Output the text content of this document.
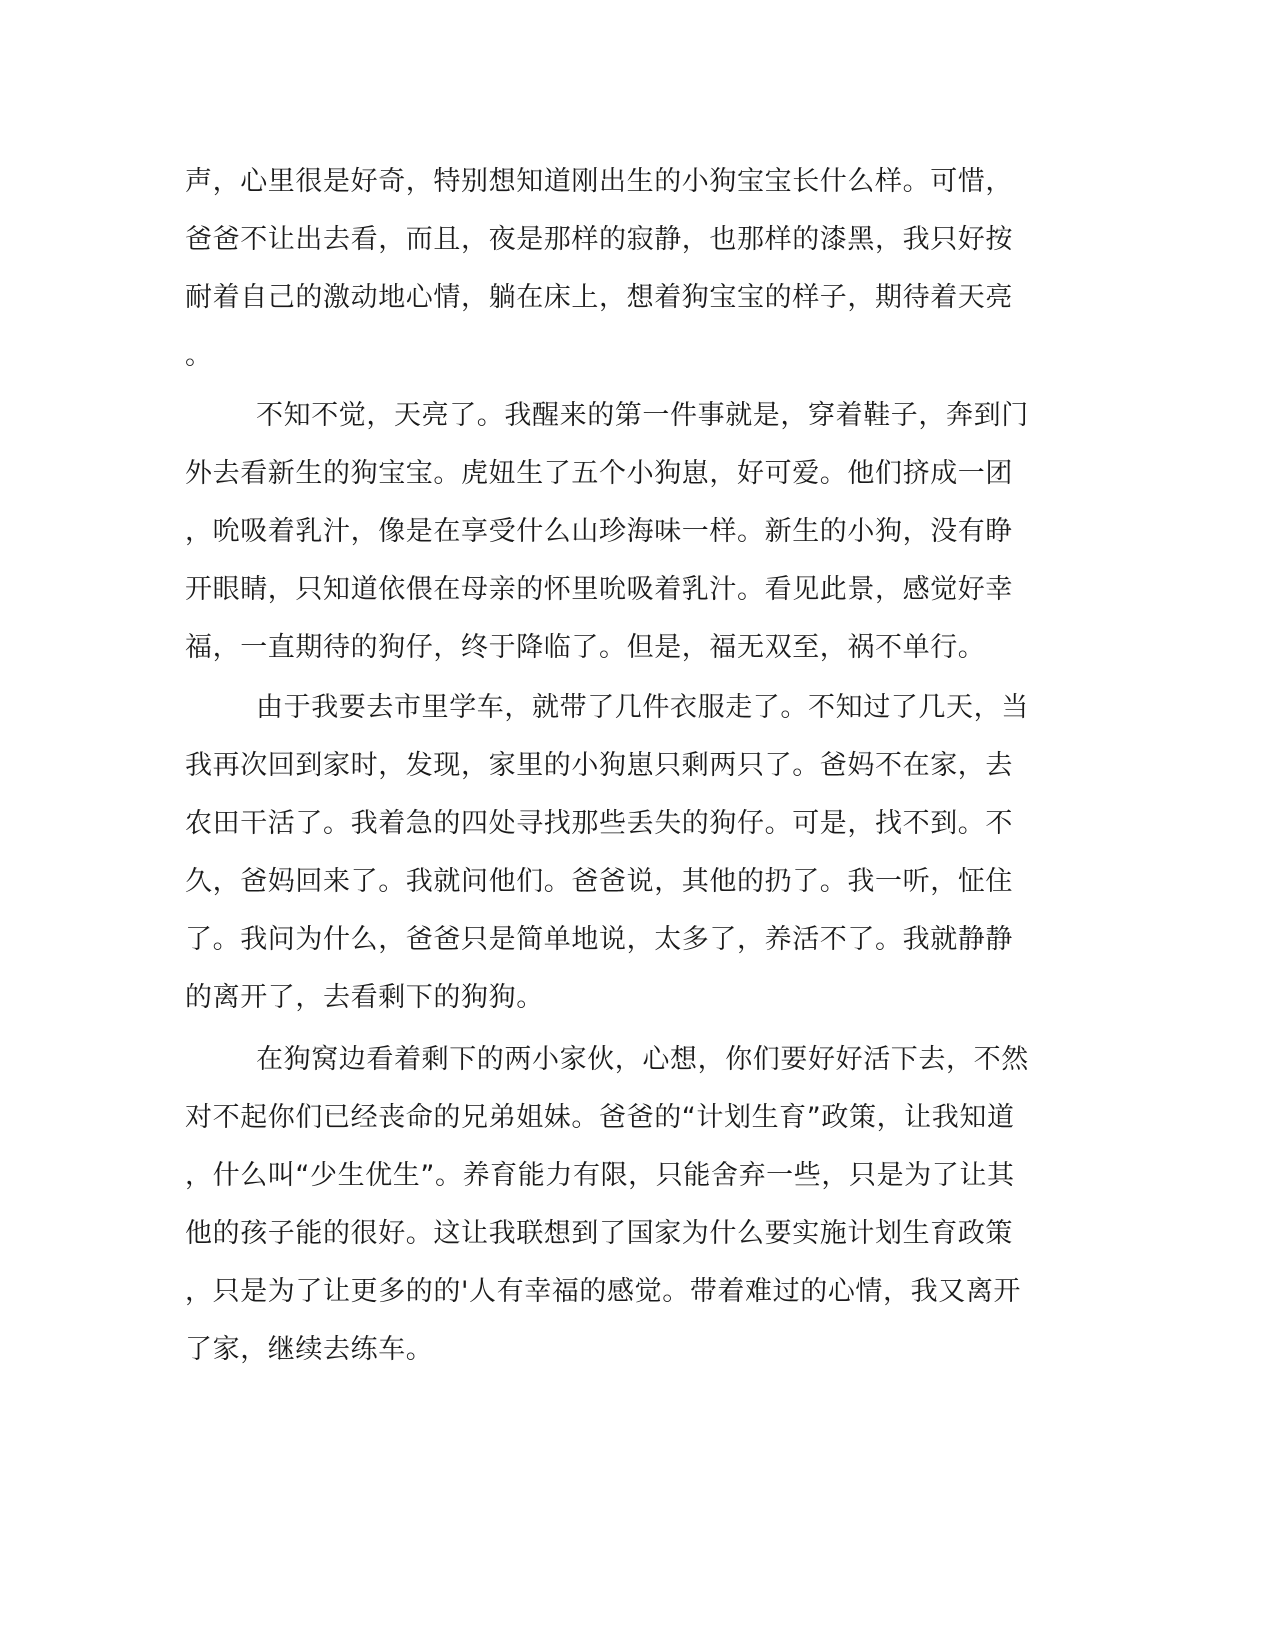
声，心里很是好奇，特别想知道刚出生的小狗宝宝长什么样。可惜，
爸爸不让出去看，而且，夜是那样的寂静，也那样的漆黑，我只好按
耐着自己的激动地心情，躺在床上，想着狗宝宝的样子，期待着天亮
。
不知不觉，天亮了。我醒来的第一件事就是，穿着鞋子，奔到门
外去看新生的狗宝宝。虎妞生了五个小狗崽，好可爱。他们挤成一团
，吮吸着乳汁，像是在享受什么山珍海味一样。新生的小狗，没有睁
开眼睛，只知道依偎在母亲的怀里吮吸着乳汁。看见此景，感觉好幸
福，一直期待的狗仔，终于降临了。但是，福无双至，祸不单行。
由于我要去市里学车，就带了几件衣服走了。不知过了几天，当
我再次回到家时，发现，家里的小狗崽只剩两只了。爸妈不在家，去
农田干活了。我着急的四处寻找那些丢失的狗仔。可是，找不到。不
久，爸妈回来了。我就问他们。爸爸说，其他的扔了。我一听，怔住
了。我问为什么，爸爸只是简单地说，太多了，养活不了。我就静静
的离开了，去看剩下的狗狗。
在狗窝边看着剩下的两小家伙，心想，你们要好好活下去，不然
对不起你们已经丧命的兄弟姐妹。爸爸的“计划生育”政策，让我知道
，什么叫“少生优生”。养育能力有限，只能舍弃一些，只是为了让其
他的孩子能的很好。这让我联想到了国家为什么要实施计划生育政策
，只是为了让更多的的'人有幸福的感觉。带着难过的心情，我又离开
了家，继续去练车。
